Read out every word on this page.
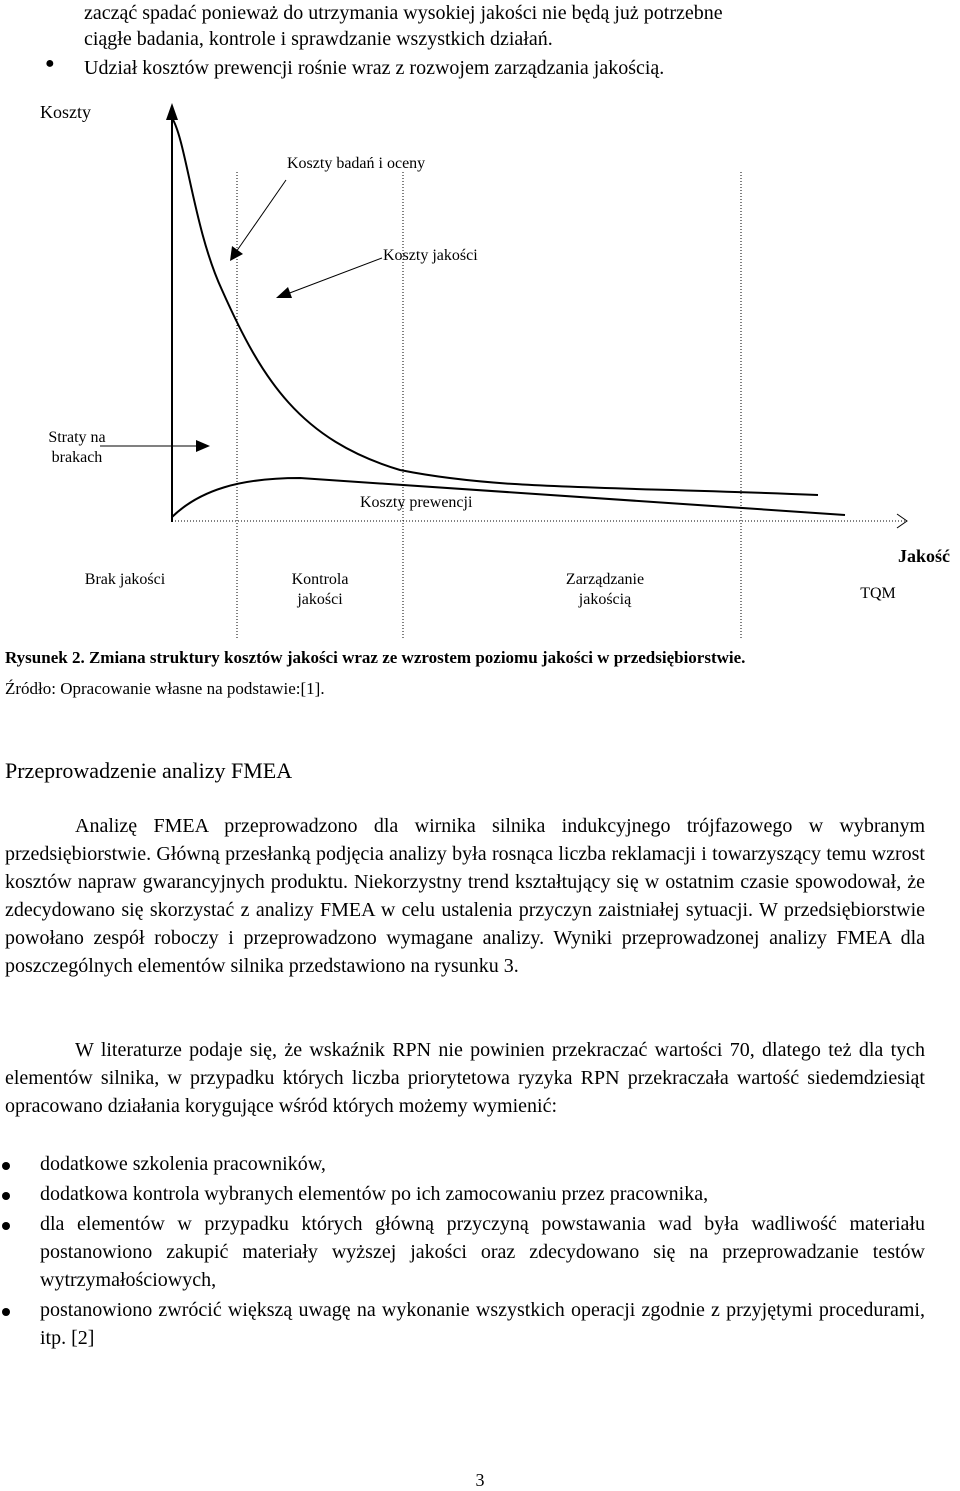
zacząć spadać ponieważ do utrzymania wysokiej jakości nie będą już potrzebne
ciągłe badania, kontrole i sprawdzanie wszystkich działań.
● Udział kosztów prewencji rośnie wraz z rozwojem zarządzania jakością.
Koszty
Koszty badań i oceny
Koszty jakości
Straty na brakach
Koszty prewencji
Jakość
Brak jakości	Kontrola jakości
Zarządzanie jakością	TQM
Rysunek 2. Zmiana struktury kosztów jakości wraz ze wzrostem poziomu jakości w przedsiębiorstwie.
Źródło: Opracowanie własne na podstawie:[1].
Przeprowadzenie analizy FMEA

Analizę FMEA przeprowadzono dla wirnika silnika indukcyjnego trójfazowego w wybranym przedsiębiorstwie. Główną przesłanką podjęcia analizy była rosnąca liczba reklamacji i towarzyszący temu wzrost kosztów napraw gwarancyjnych produktu. Niekorzystny trend kształtujący się w ostatnim czasie spowodował, że zdecydowano się skorzystać z analizy FMEA w celu ustalenia przyczyn zaistniałej sytuacji. W przedsiębiorstwie powołano zespół roboczy i przeprowadzono wymagane analizy. Wyniki przeprowadzonej analizy FMEA dla poszczególnych elementów silnika przedstawiono na rysunku 3.

W literaturze podaje się, że wskaźnik RPN nie powinien przekraczać wartości 70, dlatego też dla tych elementów silnika, w przypadku których liczba priorytetowa ryzyka RPN przekraczała wartość siedemdziesiąt opracowano działania korygujące wśród których możemy wymienić:

dodatkowe szkolenia pracowników,
dodatkowa kontrola wybranych elementów po ich zamocowaniu przez pracownika,
dla elementów w przypadku których główną przyczyną powstawania wad była wadliwość materiału postanowiono zakupić materiały wyższej jakości oraz zdecydowano się na przeprowadzanie testów wytrzymałościowych,
postanowiono zwrócić większą uwagę na wykonanie wszystkich operacji zgodnie z przyjętymi procedurami, itp. [2]
3
